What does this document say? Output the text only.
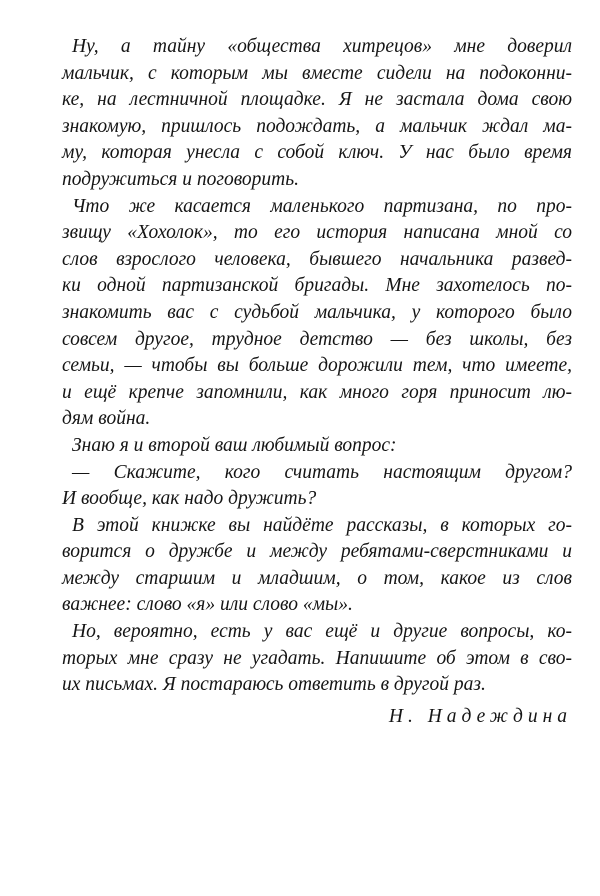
Ну, а тайну «общества хитрецов» мне доверил
мальчик, с которым мы вместе сидели на подоконни-
ке, на лестничной площадке. Я не застала дома свою
знакомую, пришлось подождать, а мальчик ждал ма-
му, которая унесла с собой ключ. У нас было время
подружиться и поговорить.
Что же касается маленького партизана, по про-
звищу «Хохолок», то его история написана мной со
слов взрослого человека, бывшего начальника развед-
ки одной партизанской бригады. Мне захотелось по-
знакомить вас с судьбой мальчика, у которого было
совсем другое, трудное детство — без школы, без
семьи, — чтобы вы больше дорожили тем, что имеете,
и ещё крепче запомнили, как много горя приносит лю-
дям война.
Знаю я и второй ваш любимый вопрос:
— Скажите, кого считать настоящим другом?
И вообще, как надо дружить?
В этой книжке вы найдёте рассказы, в которых го-
ворится о дружбе и между ребятами-сверстниками и
между старшим и младшим, о том, какое из слов
важнее: слово «я» или слово «мы».
Но, вероятно, есть у вас ещё и другие вопросы, ко-
торых мне сразу не угадать. Напишите об этом в сво-
их письмах. Я постараюсь ответить в другой раз.
Н. Надеждина
